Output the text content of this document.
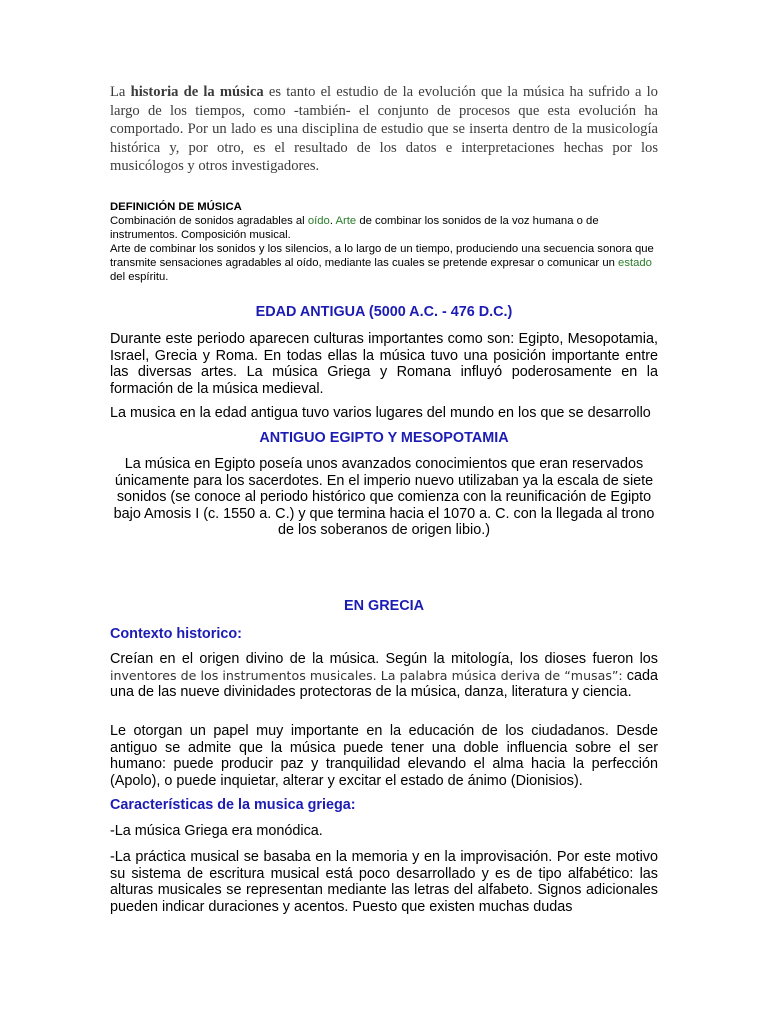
La historia de la música es tanto el estudio de la evolución que la música ha sufrido a lo largo de los tiempos, como -también- el conjunto de procesos que esta evolución ha comportado. Por un lado es una disciplina de estudio que se inserta dentro de la musicología histórica y, por otro, es el resultado de los datos e interpretaciones hechas por los musicólogos y otros investigadores.

DEFINICIÓN DE MÚSICA
Combinación de sonidos agradables al oído. Arte de combinar los sonidos de la voz humana o de instrumentos. Composición musical.
Arte de combinar los sonidos y los silencios, a lo largo de un tiempo, produciendo una secuencia sonora que transmite sensaciones agradables al oído, mediante las cuales se pretende expresar o comunicar un estado del espíritu.
EDAD ANTIGUA (5000 A.C. - 476 D.C.)

Durante este periodo aparecen culturas importantes como son: Egipto, Mesopotamia, Israel, Grecia y Roma. En todas ellas la música tuvo una posición importante entre las diversas artes. La música Griega y Romana influyó poderosamente en la formación de la música medieval.

La musica en la edad antigua tuvo varios lugares del mundo en los que se desarrollo

ANTIGUO EGIPTO Y MESOPOTAMIA

La música en Egipto poseía unos avanzados conocimientos que eran reservados únicamente para los sacerdotes. En el imperio nuevo utilizaban ya la escala de siete sonidos (se conoce al periodo histórico que comienza con la reunificación de Egipto bajo Amosis I (c. 1550 a. C.) y que termina hacia el 1070 a. C. con la llegada al trono de los soberanos de origen libio.)

EN GRECIA
Contexto historico:

Creían en el origen divino de la música. Según la mitología, los dioses fueron los inventores de los instrumentos musicales. La palabra música deriva de “musas”: cada una de las nueve divinidades protectoras de la música, danza, literatura y ciencia.

Le otorgan un papel muy importante en la educación de los ciudadanos. Desde antiguo se admite que la música puede tener una doble influencia sobre el ser humano: puede producir paz y tranquilidad elevando el alma hacia la perfección (Apolo), o puede inquietar, alterar y excitar el estado de ánimo (Dionisios).

Características de la musica griega:

-La música Griega era monódica.

-La práctica musical se basaba en la memoria y en la improvisación. Por este motivo su sistema de escritura musical está poco desarrollado y es de tipo alfabético: las alturas musicales se representan mediante las letras del alfabeto. Signos adicionales pueden indicar duraciones y acentos. Puesto que existen muchas dudas
